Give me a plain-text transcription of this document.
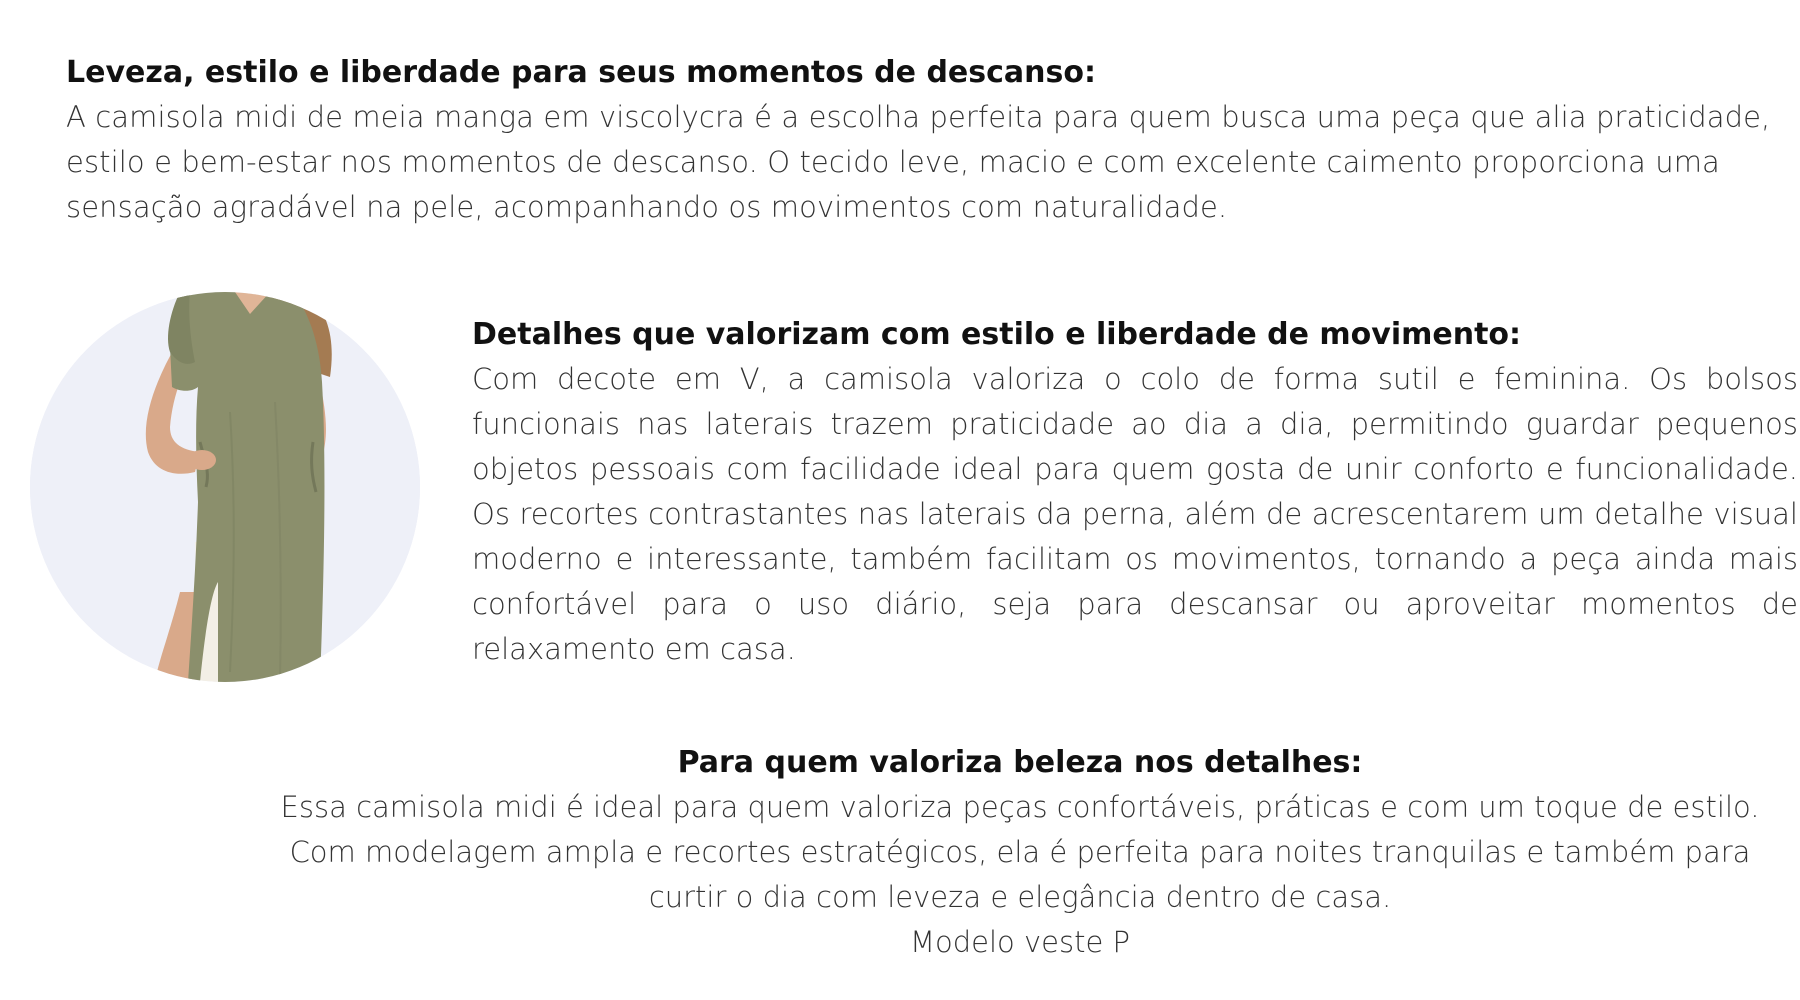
Leveza, estilo e liberdade para seus momentos de descanso:

A camisola midi de meia manga em viscolycra é a escolha perfeita para quem busca uma peça que alia praticidade, estilo e bem-estar nos momentos de descanso. O tecido leve, macio e com excelente caimento proporciona uma sensação agradável na pele, acompanhando os movimentos com naturalidade.

Detalhes que valorizam com estilo e liberdade de movimento:

Com decote em V, a camisola valoriza o colo de forma sutil e feminina. Os bolsos funcionais nas laterais trazem praticidade ao dia a dia, permitindo guardar pequenos objetos pessoais com facilidade ideal para quem gosta de unir conforto e funcionalidade. Os recortes contrastantes nas laterais da perna, além de acrescentarem um detalhe visual moderno e interessante, também facilitam os movimentos, tornando a peça ainda mais confortável para o uso diário, seja para descansar ou aproveitar momentos de relaxamento em casa.

Para quem valoriza beleza nos detalhes:

Essa camisola midi é ideal para quem valoriza peças confortáveis, práticas e com um toque de estilo.

Com modelagem ampla e recortes estratégicos, ela é perfeita para noites tranquilas e também para

curtir o dia com leveza e elegância dentro de casa.

Modelo veste P
